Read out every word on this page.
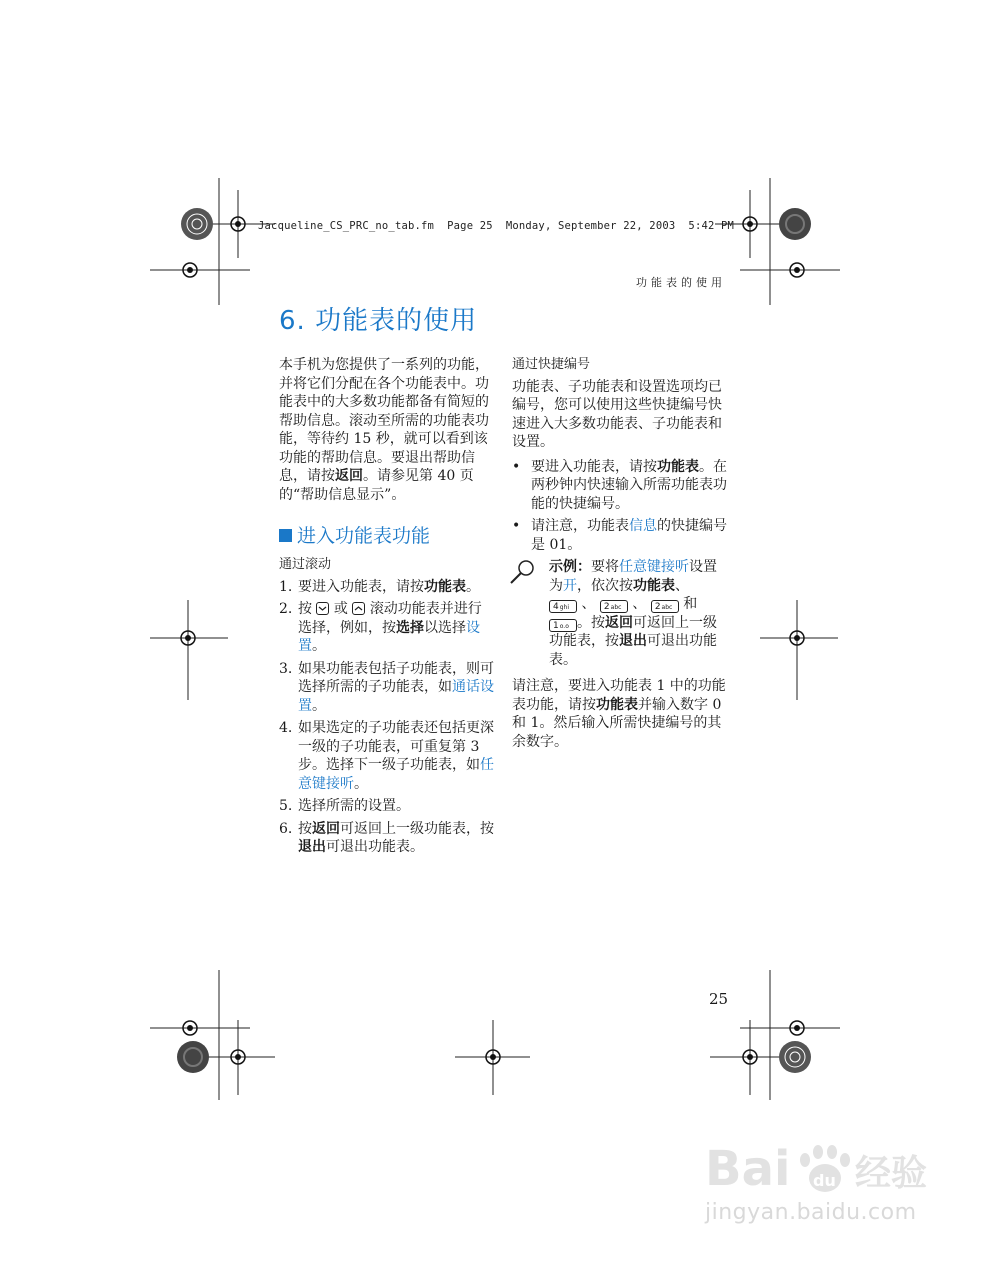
Jacqueline_CS_PRC_no_tab.fm  Page 25  Monday, September 22, 2003  5:42 PM
功能表的使用
6. 功能表的使用

本手机为您提供了一系列的功能，并将它们分配在各个功能表中。功能表中的大多数功能都备有简短的帮助信息。滚动至所需的功能表功能，等待约 15 秒，就可以看到该功能的帮助信息。要退出帮助信息，请按返回。请参见第 40 页的“帮助信息显示”。

进入功能表功能

通过滚动

1. 要进入功能表，请按功能表。
2. 按 或 滚动功能表并进行选择，例如，按选择以选择设置。
3. 如果功能表包括子功能表，则可选择所需的子功能表，如通话设置。
4. 如果选定的子功能表还包括更深一级的子功能表，可重复第 3 步。选择下一级子功能表，如任意键接听。
5. 选择所需的设置。
6. 按返回可返回上一级功能表，按退出可退出功能表。

通过快捷编号

功能表、子功能表和设置选项均已编号，您可以使用这些快捷编号快速进入大多数功能表、子功能表和设置。

• 要进入功能表，请按功能表。在两秒钟内快速输入所需功能表功能的快捷编号。
• 请注意，功能表信息的快捷编号是 01。
示例：要将任意键接听设置为开，依次按功能表、
4ghi 、 2abc 、 2abc 和
1o.o 。按返回可返回上一级功能表，按退出可退出功能表。

请注意，要进入功能表 1 中的功能表功能，请按功能表并输入数字 0 和 1。然后输入所需快捷编号的其余数字。

25
Bai du 经验
jingyan.baidu.com
